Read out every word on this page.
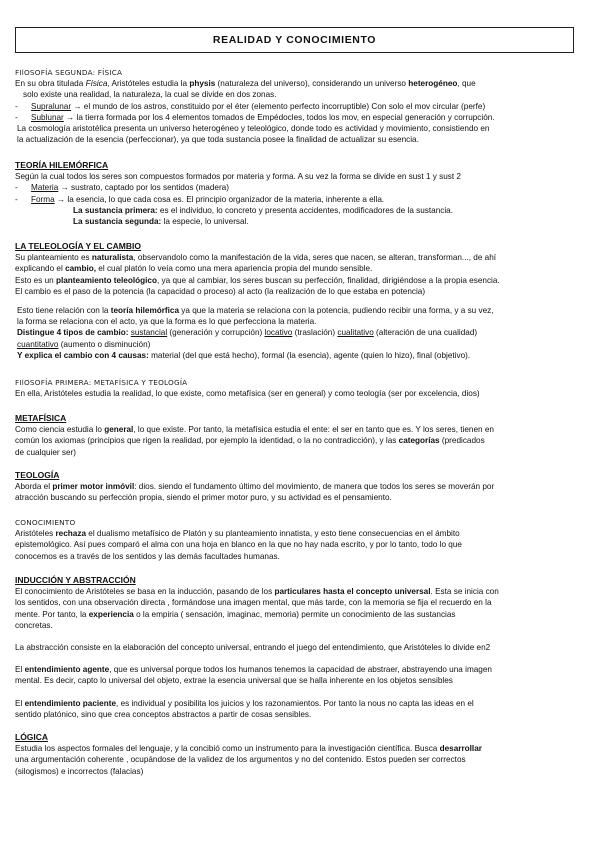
REALIDAD Y CONOCIMIENTO

FIlOSOFÍA SEGUNDA: FÍSICA

En su obra titulada Física, Aristóteles estudia la physis (naturaleza del universo), considerando un universo heterogéneo, que

solo existe una realidad, la naturaleza, la cual se divide en dos zonas.

- Supralunar → el mundo de los astros, constituido por el éter (elemento perfecto incorruptible) Con solo el mov circular (perfe)

- Sublunar → la tierra formada por los 4 elementos tomados de Empédocles, todos los mov, en especial generación y corrupción.

La cosmología aristotélica presenta un universo heterogéneo y teleológico, donde todo es actividad y movimiento, consistiendo en

la actualización de la esencia (perfeccionar), ya que toda sustancia posee la finalidad de actualizar su esencia.

TEORÍA HILEMÓRFICA

Según la cual todos los seres son compuestos formados por materia y forma. A su vez la forma se divide en sust 1 y sust 2

- Materia → sustrato, captado por los sentidos (madera)

- Forma → la esencia, lo que cada cosa es. El principio organizador de la materia, inherente a ella.

La sustancia primera: es el individuo, lo concreto y presenta accidentes, modificadores de la sustancia.

La sustancia segunda: la especie, lo universal.

LA TELEOLOGÍA Y EL CAMBIO

Su planteamiento es naturalista, observandolo como la manifestación de la vida, seres que nacen, se alteran, transforman..., de ahí

explicando el cambio, el cual platón lo veía como una mera apariencia propia del mundo sensible.

Esto es un planteamiento teleológico, ya que al cambiar, los seres buscan su perfección, finalidad, dirigiéndose a la propia esencia.

El cambio es el paso de la potencia (la capacidad o proceso) al acto (la realización de lo que estaba en potencia)

Esto tiene relación con la teoría hilemórfica ya que la materia se relaciona con la potencia, pudiendo recibir una forma, y a su vez,

la forma se relaciona con el acto, ya que la forma es lo que perfecciona la materia.

Distingue 4 tipos de cambio: sustancial (generación y corrupción) locativo (traslación) cualitativo (alteración de una cualidad)

cuantitativo (aumento o disminución)

Y explica el cambio con 4 causas: material (del que está hecho), formal (la esencia), agente (quien lo hizo), final (objetivo).

FIlOSOFÍA PRIMERA: METAFÍSICA Y TEOLOGÍA

En ella, Aristóteles estudia la realidad, lo que existe, como metafísica (ser en general) y como teología (ser por excelencia, dios)

METAFÍSICA

Como ciencia estudia lo general, lo que existe. Por tanto, la metafísica estudia el ente: el ser en tanto que es. Y los seres, tienen en

común los axiomas (principios que rigen la realidad, por ejemplo la identidad, o la no contradicción), y las categorías (predicados

de cualquier ser)

TEOLOGÍA

Aborda el primer motor inmóvil: dios. siendo el fundamento último del movimiento, de manera que todos los seres se moverán por

atracción buscando su perfección propia, siendo el primer motor puro, y su actividad es el pensamiento.

CONOCIMIENTO

Aristóteles rechaza el dualismo metafísico de Platón y su planteamiento innatista, y esto tiene consecuencias en el ámbito

epistemológico. Así pues comparó el alma con una hoja en blanco en la que no hay nada escrito, y por lo tanto, todo lo que

conocemos es a través de los sentidos y las demás facultades humanas.

INDUCCIÓN Y ABSTRACCIÓN

El conocimiento de Aristóteles se basa en la inducción, pasando de los particulares hasta el concepto universal. Esta se inicia con

los sentidos, con una observación directa , formándose una imagen mental, que más tarde, con la memoria se fija el recuerdo en la

mente. Por tanto, la experiencia o la empiria ( sensación, imaginac, memoria) permite un conocimiento de las sustancias

concretas.

La abstracción consiste en la elaboración del concepto universal, entrando el juego del entendimiento, que Aristóteles lo divide en2

El entendimiento agente, que es universal porque todos los humanos tenemos la capacidad de abstraer, abstrayendo una imagen

mental. Es decir, capto lo universal del objeto, extrae la esencia universal que se halla inherente en los objetos sensibles

El entendimiento paciente, es individual y posibilita los juicios y los razonamientos. Por tanto la nous no capta las ideas en el

sentido platónico, sino que crea conceptos abstractos a partir de cosas sensibles.

LÓGICA

Estudia los aspectos formales del lenguaje, y la concibió como un instrumento para la investigación científica. Busca desarrollar

una argumentación coherente , ocupándose de la validez de los argumentos y no del contenido. Estos pueden ser correctos

(silogismos) e incorrectos (falacias)
